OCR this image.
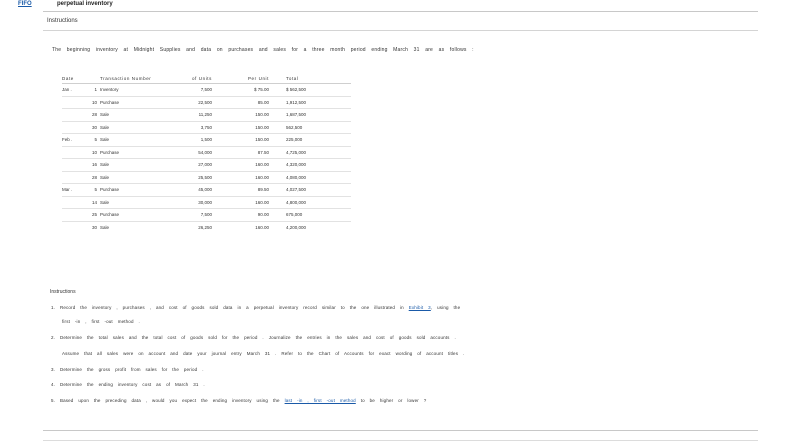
FIFO	perpetual inventory
Instructions
The beginning inventory at Midnight Supplies and data on purchases and sales for a three month period ending March 31 are as follows :
Date		Transaction Number	of Units	Per Unit	Total
Jan .	1	Inventory	7,500	$ 75.00	$ 562,500
	10	Purchase	22,500	85.00	1,912,500
	28	Sale	11,250	150.00	1,687,500
	30	Sale	3,750	150.00	562,500
Feb .	5	Sale	1,500	150.00	225,000
	10	Purchase	54,000	87.50	4,725,000
	16	Sale	27,000	160.00	4,320,000
	28	Sale	25,500	160.00	4,080,000
Mar .	5	Purchase	45,000	89.50	4,027,500
	14	Sale	30,000	160.00	4,800,000
	25	Purchase	7,500	90.00	675,000
	30	Sale	26,250	160.00	4,200,000
Instructions
1. Record the inventory , purchases , and cost of goods sold data in a perpetual inventory record similar to the one illustrated in Exhibit 3, using the
first -in , first -out method .
2. Determine the total sales and the total cost of goods sold for the period . Journalize the entries in the sales and cost of goods sold accounts .
Assume that all sales were on account and date your journal entry March 31 . Refer to the Chart of Accounts for exact wording of account titles .
3. Determine the gross profit from sales for the period .
4. Determine the ending inventory cost as of March 31 .
5. Based upon the preceding data , would you expect the ending inventory using the last -in , first -out method to be higher or lower ?
